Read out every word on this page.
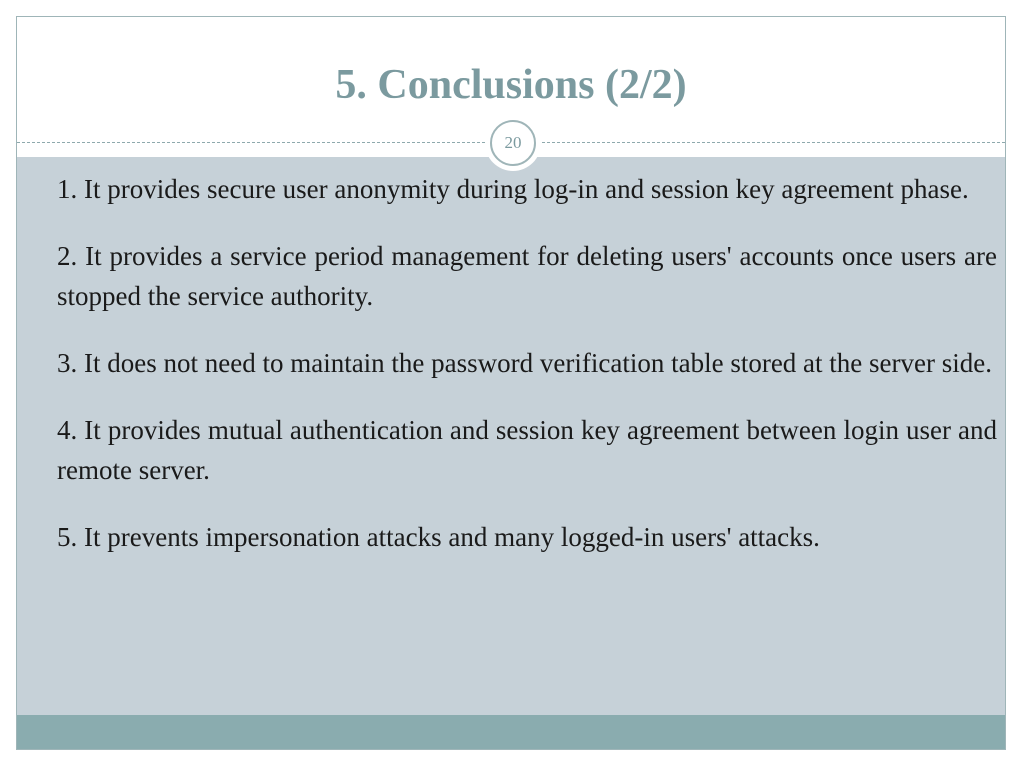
5. Conclusions (2/2)
20
1. It provides secure user anonymity during log-in and session key agreement phase.
2. It provides a service period management for deleting users' accounts once users are stopped the service authority.
3. It does not need to maintain the password verification table stored at the server side.
4. It provides mutual authentication and session key agreement between login user and remote server.
5. It prevents impersonation attacks and many logged-in users' attacks.
